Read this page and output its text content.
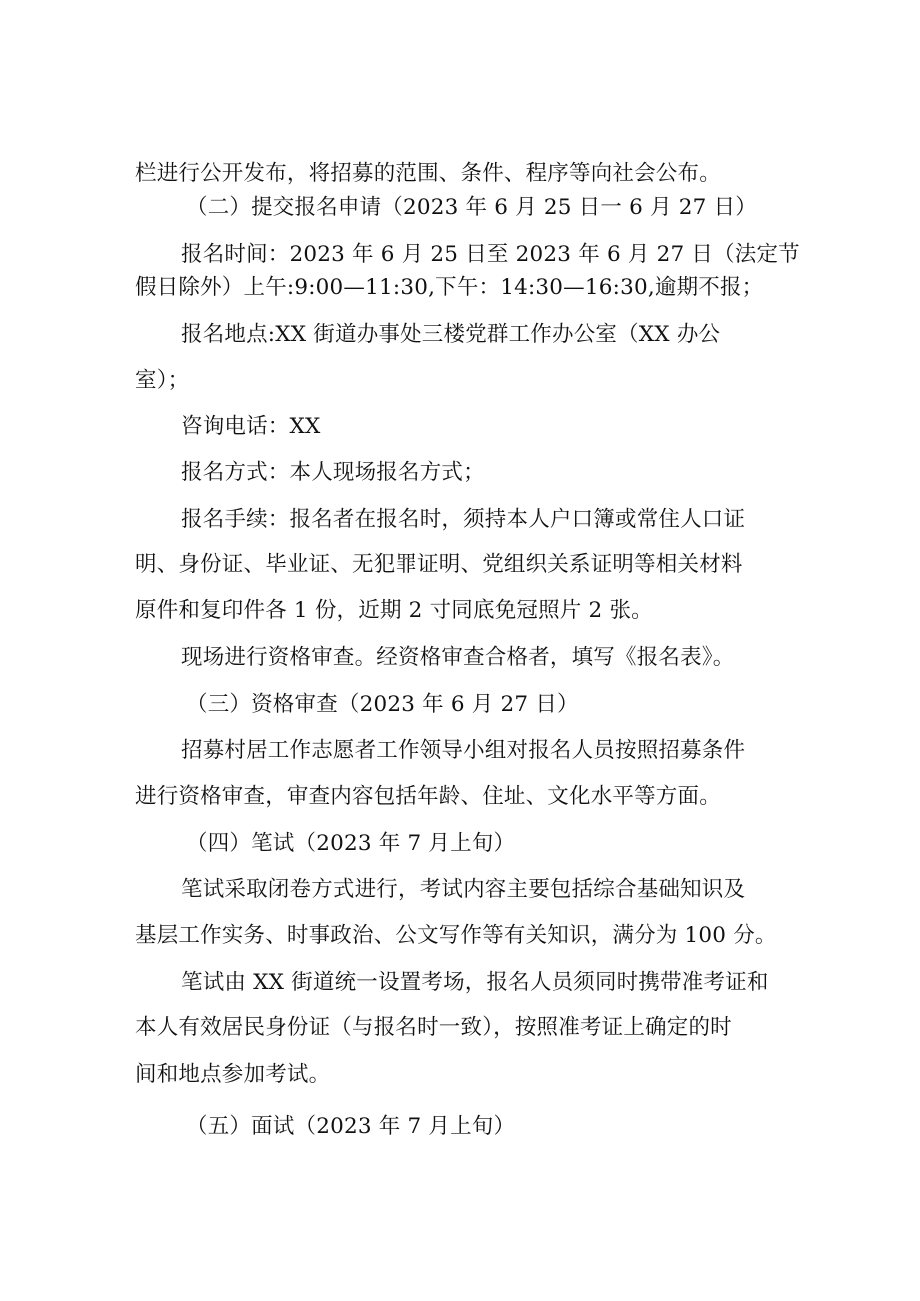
栏进行公开发布，将招募的范围、条件、程序等向社会公布。
（二）提交报名申请（2023 年 6 月 25 日一 6 月 27 日）
报名时间：2023 年 6 月 25 日至 2023 年 6 月 27 日（法定节
假日除外）上午:9:00—11:30,下午：14:30—16:30,逾期不报；
报名地点:XX 街道办事处三楼党群工作办公室（XX 办公
室）；
咨询电话：XX
报名方式：本人现场报名方式；
报名手续：报名者在报名时，须持本人户口簿或常住人口证
明、身份证、毕业证、无犯罪证明、党组织关系证明等相关材料
原件和复印件各 1 份，近期 2 寸同底免冠照片 2 张。
现场进行资格审查。经资格审查合格者，填写《报名表》。
（三）资格审查（2023 年 6 月 27 日）
招募村居工作志愿者工作领导小组对报名人员按照招募条件
进行资格审查，审查内容包括年龄、住址、文化水平等方面。
（四）笔试（2023 年 7 月上旬）
笔试采取闭卷方式进行，考试内容主要包括综合基础知识及
基层工作实务、时事政治、公文写作等有关知识，满分为 100 分。
笔试由 XX 街道统一设置考场，报名人员须同时携带准考证和
本人有效居民身份证（与报名时一致），按照准考证上确定的时
间和地点参加考试。
（五）面试（2023 年 7 月上旬）
